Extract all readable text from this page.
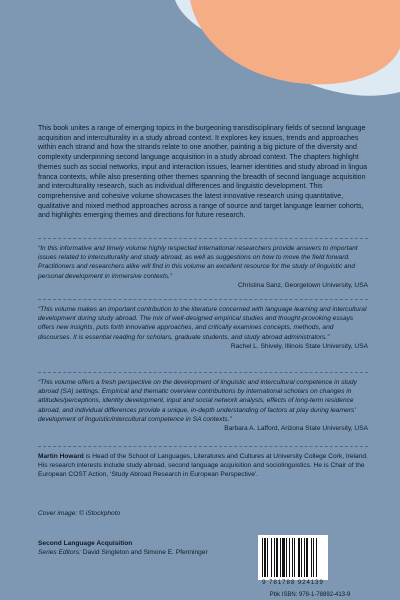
This book unites a range of emerging topics in the burgeoning transdisciplinary fields of second language acquisition and interculturality in a study abroad context. It explores key issues, trends and approaches within each strand and how the strands relate to one another, painting a big picture of the diversity and complexity underpinning second language acquisition in a study abroad context. The chapters highlight themes such as social networks, input and interaction issues, learner identities and study abroad in lingua franca contexts, while also presenting other themes spanning the breadth of second language acquisition and interculturality research, such as individual differences and linguistic development. This comprehensive and cohesive volume showcases the latest innovative research using quantitative, qualitative and mixed method approaches across a range of source and target language learner cohorts, and highlights emerging themes and directions for future research.

“In this informative and timely volume highly respected international researchers provide answers to important issues related to interculturality and study abroad, as well as suggestions on how to move the field forward. Practitioners and researchers alike will find in this volume an excellent resource for the study of linguistic and personal development in immersive contexts.”

Christina Sanz, Georgetown University, USA

“This volume makes an important contribution to the literature concerned with language learning and intercultural development during study abroad. The mix of well-designed empirical studies and thought-provoking essays offers new insights, puts forth innovative approaches, and critically examines concepts, methods, and discourses. It is essential reading for scholars, graduate students, and study abroad administrators.”

Rachel L. Shively, Illinois State University, USA

“This volume offers a fresh perspective on the development of linguistic and intercultural competence in study abroad (SA) settings. Empirical and thematic overview contributions by international scholars on changes in attitudes/perceptions, identity development, input and social network analysis, effects of long-term residence abroad, and individual differences provide a unique, in-depth understanding of factors at play during learners’ development of linguistic/intercultural competence in SA contexts.”

Barbara A. Lafford, Arizona State University, USA

Martin Howard is Head of the School of Languages, Literatures and Cultures at University College Cork, Ireland. His research interests include study abroad, second language acquisition and sociolinguistics. He is Chair of the European COST Action, ‘Study Abroad Research in European Perspective’.

Cover image: © iStockphoto

Second Language Acquisition
Series Editors: David Singleton and Simone E. Pfenninger
9 781788 924139
Pbk ISBN: 978-1-78892-413-9
